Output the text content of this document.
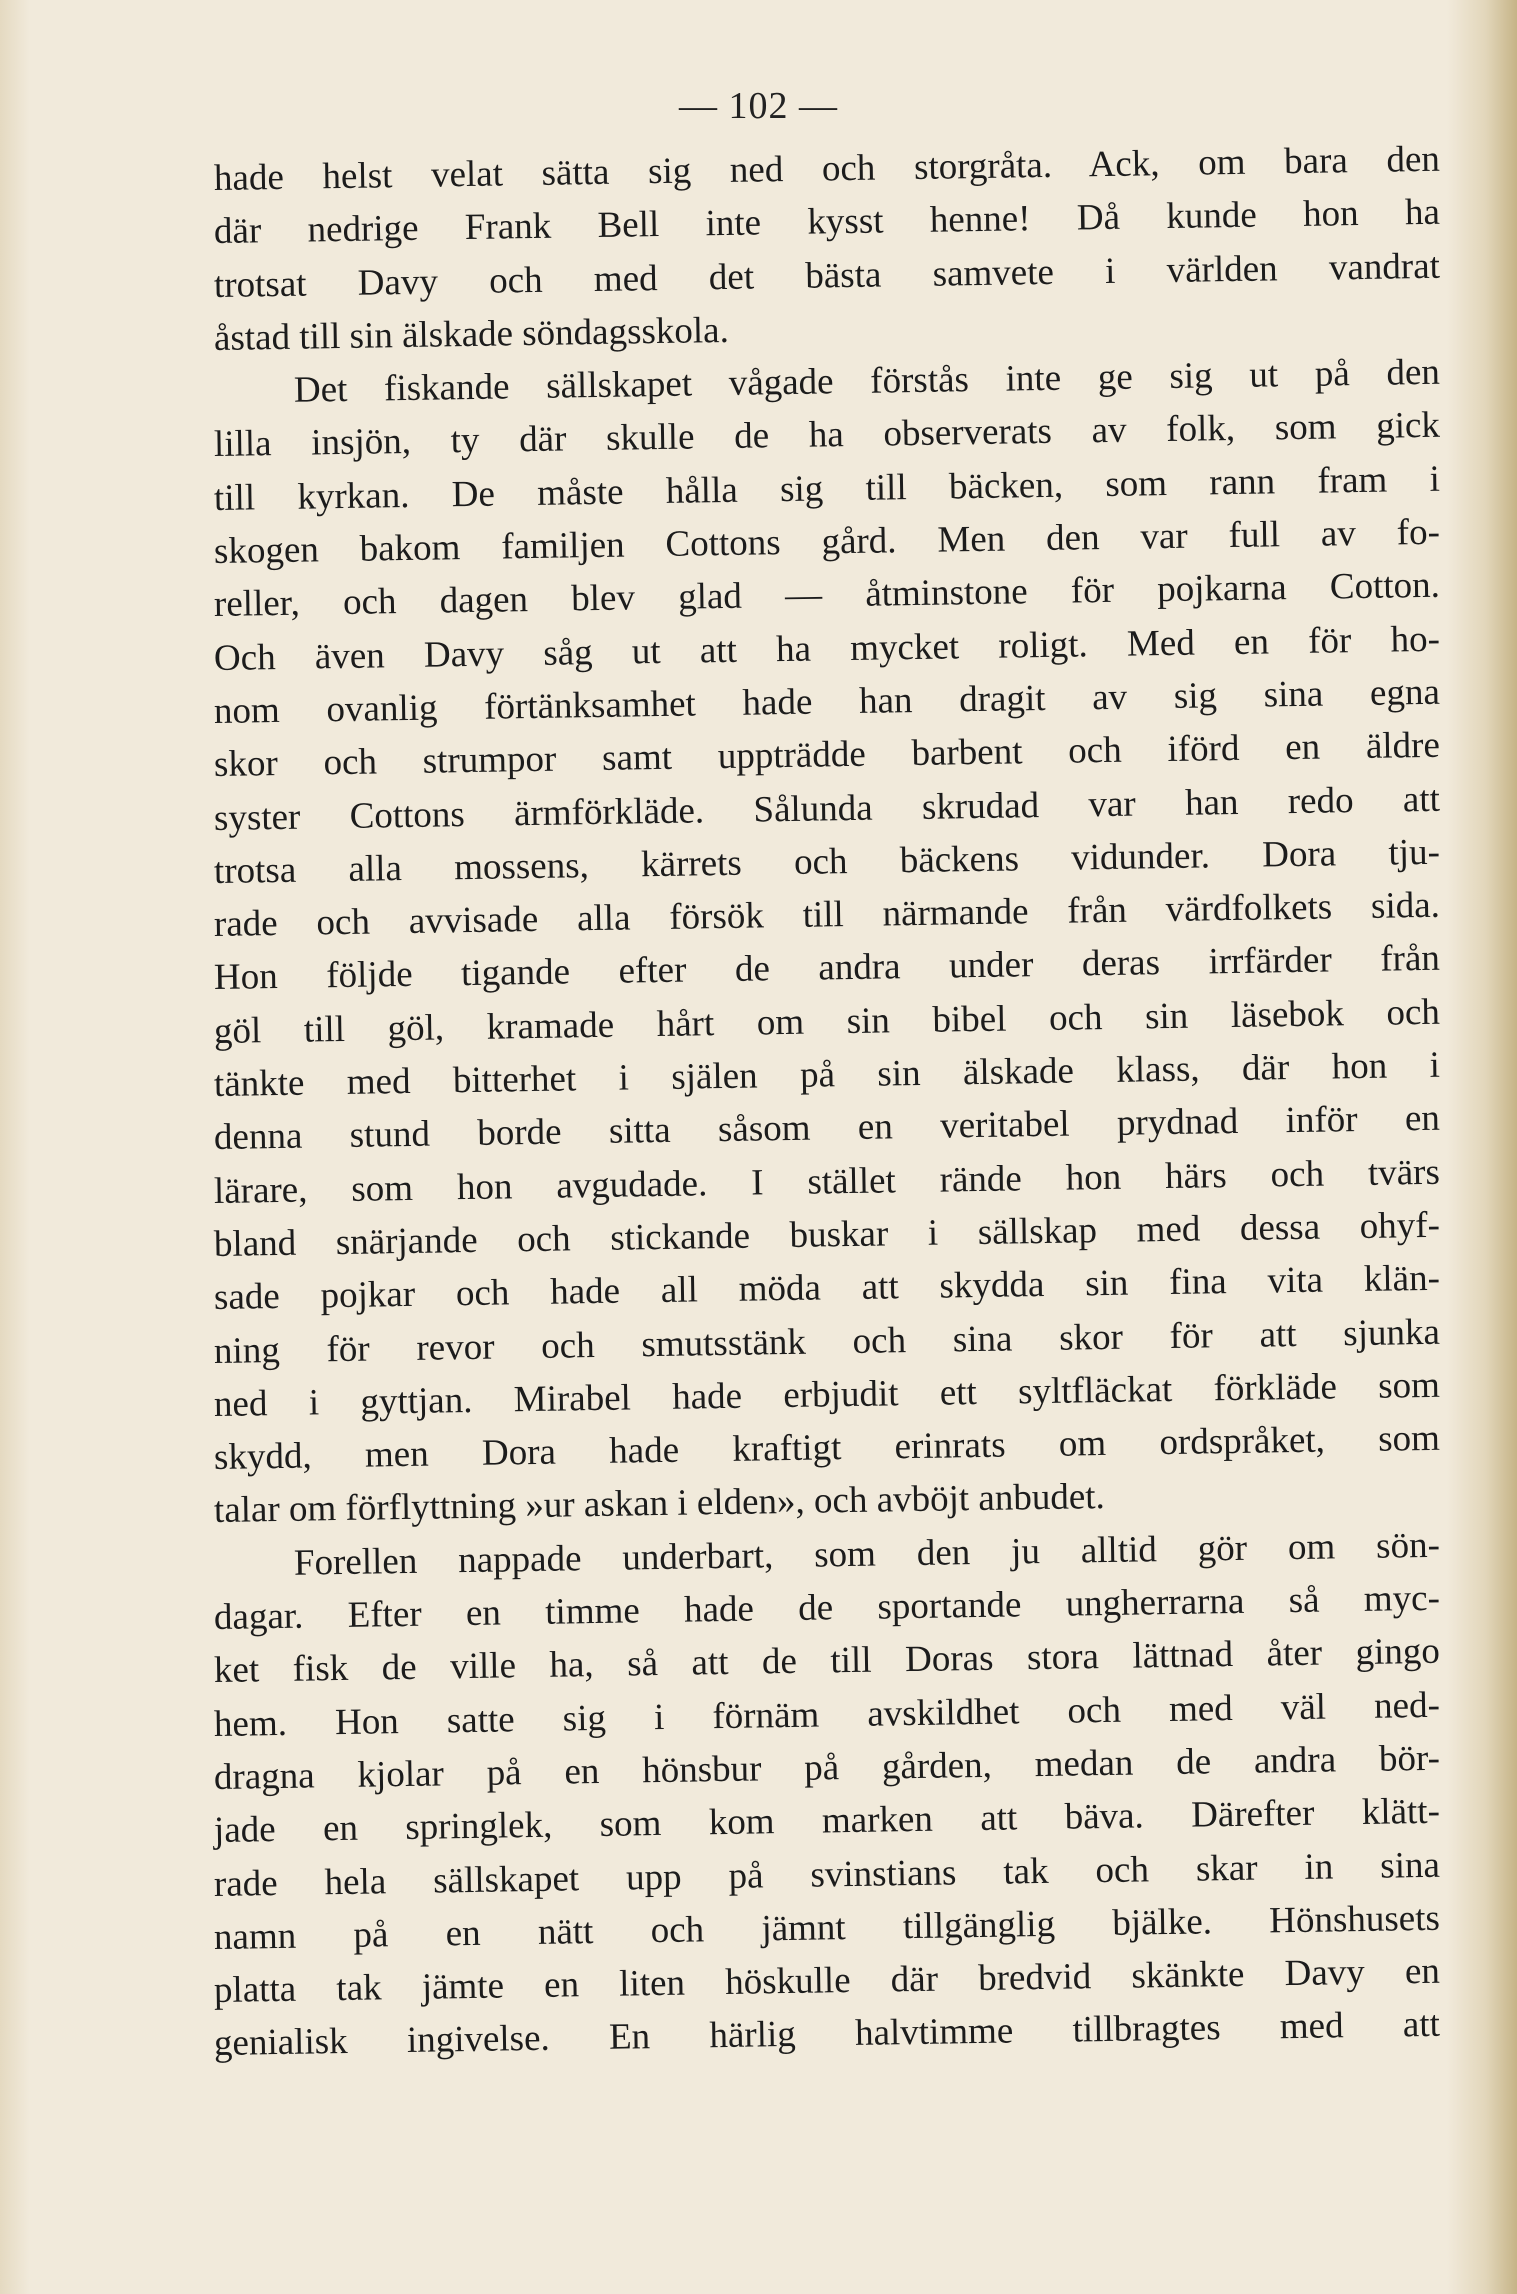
— 102 —
hade helst velat sätta sig ned och storgråta. Ack, om bara den
där nedrige Frank Bell inte kysst henne! Då kunde hon ha
trotsat Davy och med det bästa samvete i världen vandrat
åstad till sin älskade söndagsskola.
Det fiskande sällskapet vågade förstås inte ge sig ut på den
lilla insjön, ty där skulle de ha observerats av folk, som gick
till kyrkan. De måste hålla sig till bäcken, som rann fram i
skogen bakom familjen Cottons gård. Men den var full av fo-
reller, och dagen blev glad — åtminstone för pojkarna Cotton.
Och även Davy såg ut att ha mycket roligt. Med en för ho-
nom ovanlig förtänksamhet hade han dragit av sig sina egna
skor och strumpor samt uppträdde barbent och iförd en äldre
syster Cottons ärmförkläde. Sålunda skrudad var han redo att
trotsa alla mossens, kärrets och bäckens vidunder. Dora tju-
rade och avvisade alla försök till närmande från värdfolkets sida.
Hon följde tigande efter de andra under deras irrfärder från
göl till göl, kramade hårt om sin bibel och sin läsebok och
tänkte med bitterhet i själen på sin älskade klass, där hon i
denna stund borde sitta såsom en veritabel prydnad inför en
lärare, som hon avgudade. I stället rände hon härs och tvärs
bland snärjande och stickande buskar i sällskap med dessa ohyf-
sade pojkar och hade all möda att skydda sin fina vita klän-
ning för revor och smutsstänk och sina skor för att sjunka
ned i gyttjan. Mirabel hade erbjudit ett syltfläckat förkläde som
skydd, men Dora hade kraftigt erinrats om ordspråket, som
talar om förflyttning »ur askan i elden», och avböjt anbudet.
Forellen nappade underbart, som den ju alltid gör om sön-
dagar. Efter en timme hade de sportande ungherrarna så myc-
ket fisk de ville ha, så att de till Doras stora lättnad åter gingo
hem. Hon satte sig i förnäm avskildhet och med väl ned-
dragna kjolar på en hönsbur på gården, medan de andra bör-
jade en springlek, som kom marken att bäva. Därefter klätt-
rade hela sällskapet upp på svinstians tak och skar in sina
namn på en nätt och jämnt tillgänglig bjälke. Hönshusets
platta tak jämte en liten höskulle där bredvid skänkte Davy en
genialisk ingivelse. En härlig halvtimme tillbragtes med att
